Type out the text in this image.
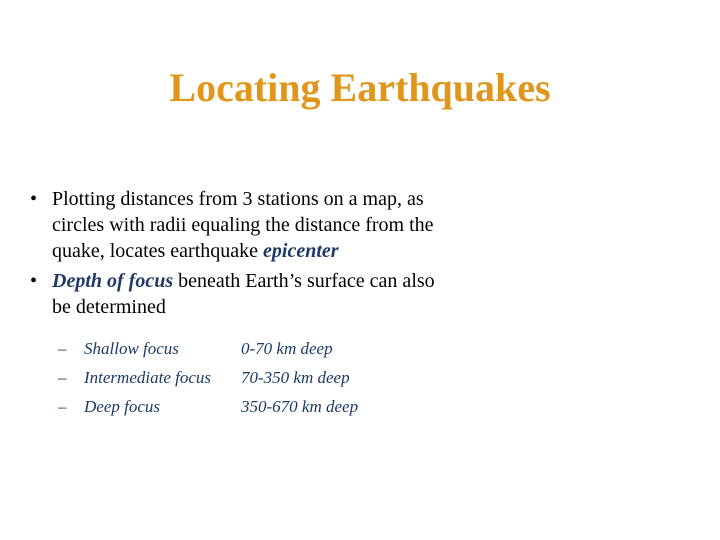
Locating Earthquakes

• Plotting distances from 3 stations on a map, as circles with radii equaling the distance from the quake, locates earthquake epicenter

• Depth of focus beneath Earth’s surface can also be determined

– Shallow focus	0-70 km deep
– Intermediate focus 70-350 km deep
– Deep focus	350-670 km deep
